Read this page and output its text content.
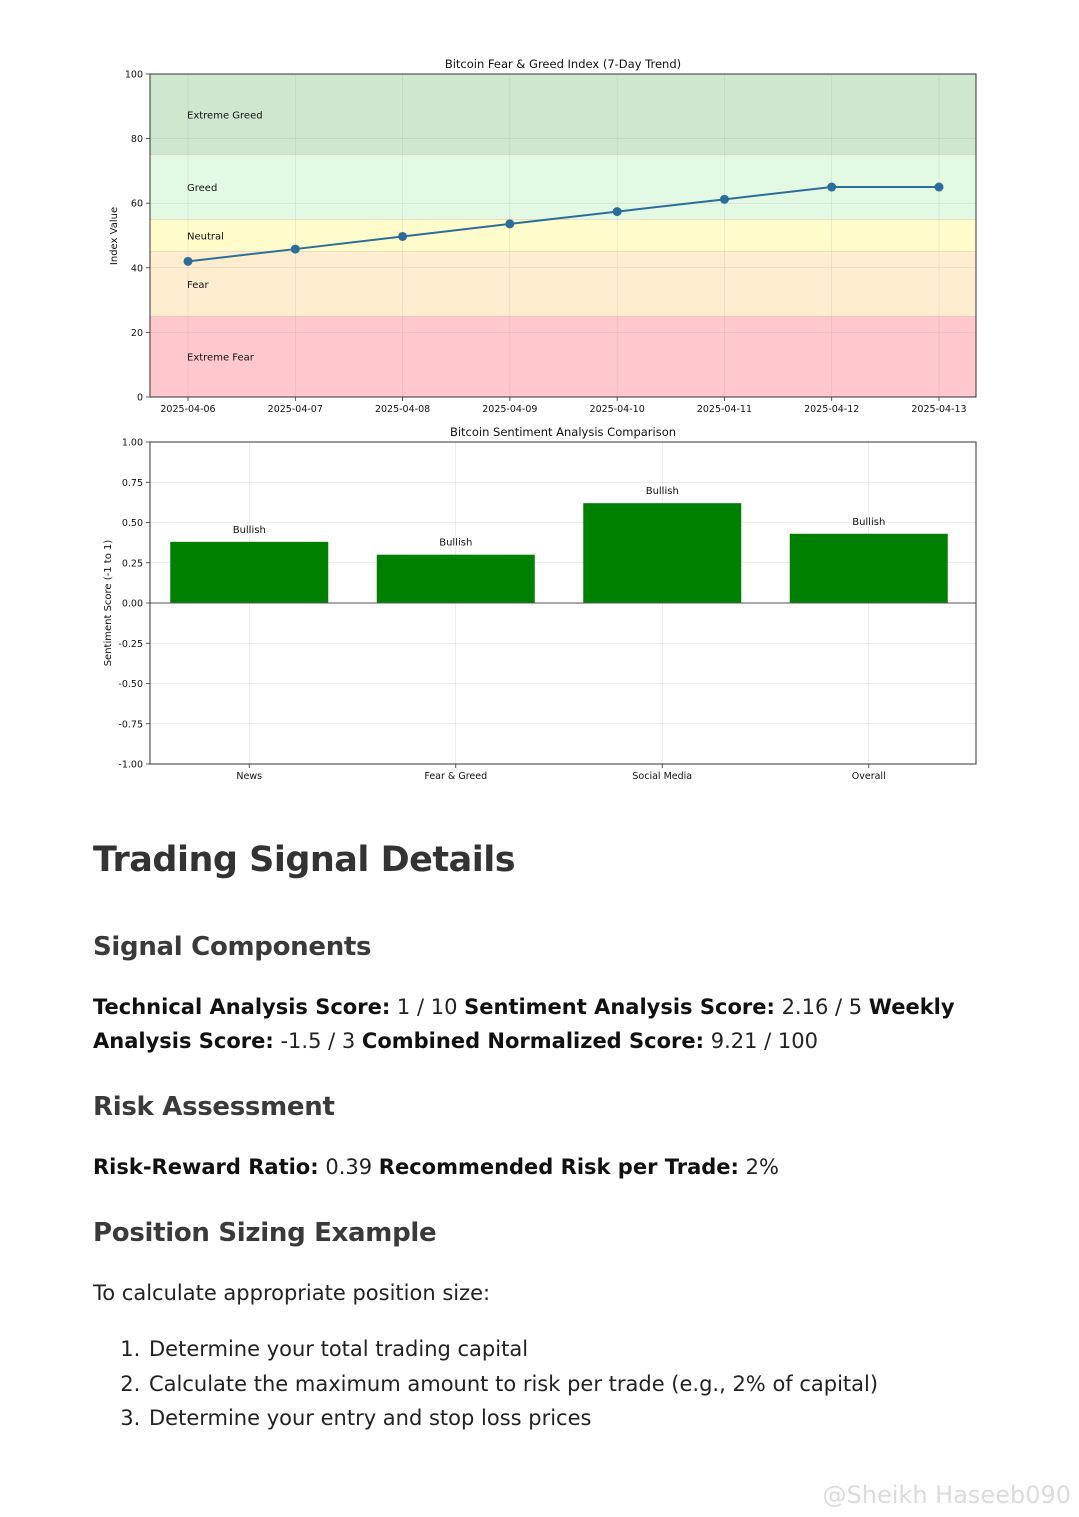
Bitcoin Fear & Greed Index (7-Day Trend)
Extreme Fear
Fear
Neutral
Greed
Extreme Greed
0
20
40
60
80
100
2025-04-06	2025-04-07	2025-04-08	2025-04-09	2025-04-10	2025-04-11	2025-04-12	2025-04-13
Index Value
Bitcoin Sentiment Analysis Comparison
-1.00
-0.75
-0.50
-0.25
0.00
0.25
0.50
0.75
1.00
News	Fear & Greed	Social Media	Overall
Sentiment Score (-1 to 1)
Bullish
Bullish
Bullish
Bullish
Trading Signal Details
Signal Components

Technical Analysis Score: 1 / 10 Sentiment Analysis Score: 2.16 / 5 Weekly Analysis Score: -1.5 / 3 Combined Normalized Score: 9.21 / 100

Risk Assessment

Risk-Reward Ratio: 0.39 Recommended Risk per Trade: 2%

Position Sizing Example

To calculate appropriate position size:

1. Determine your total trading capital
2. Calculate the maximum amount to risk per trade (e.g., 2% of capital)
3. Determine your entry and stop loss prices
@Sheikh Haseeb090
